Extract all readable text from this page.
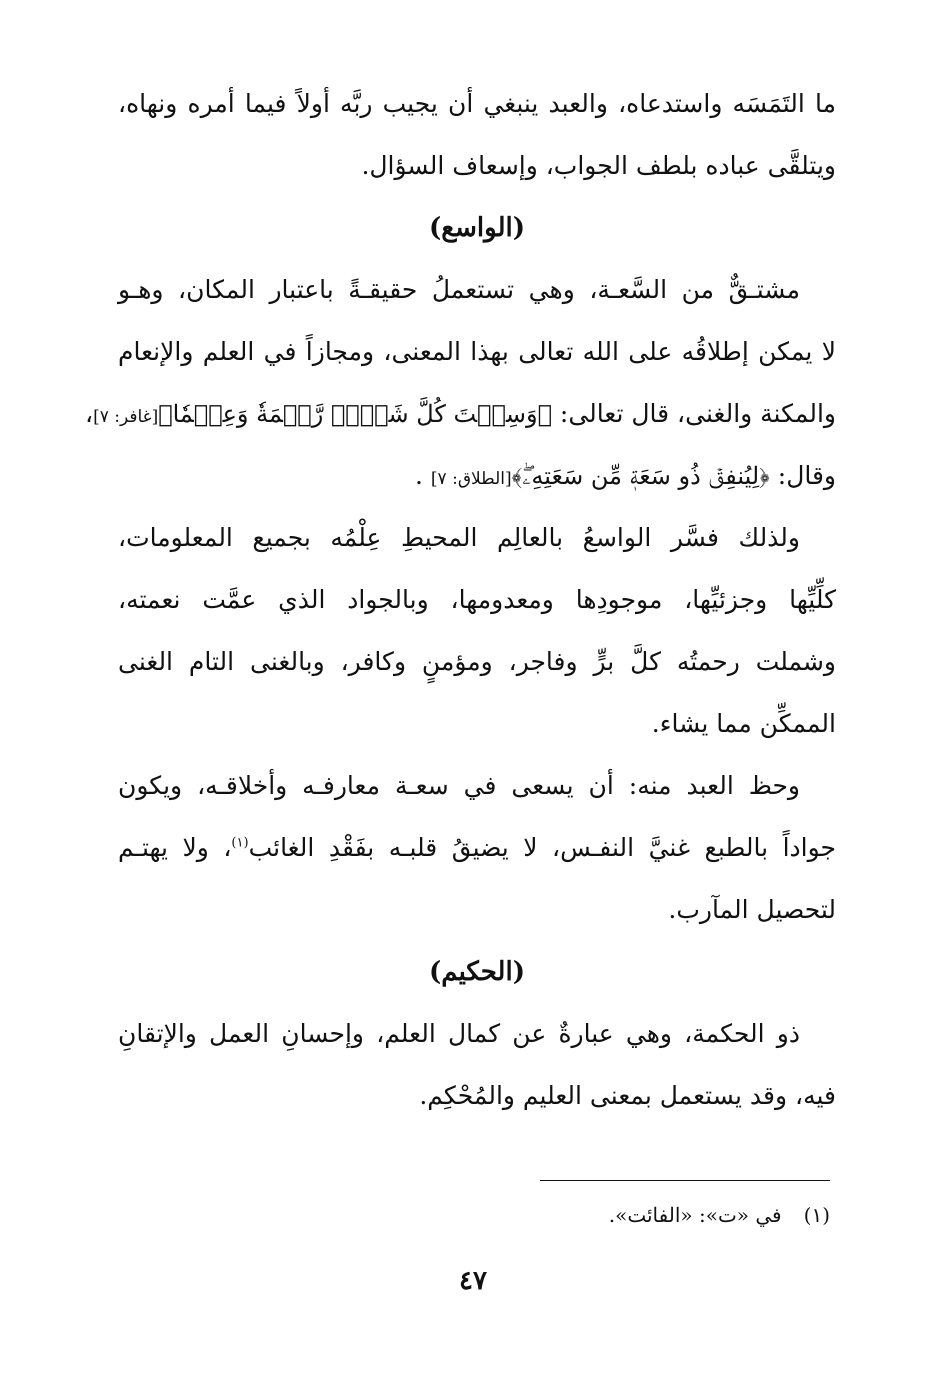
ما التَمَسَه واستدعاه، والعبد ينبغي أن يجيب ربَّه أولاً فيما أمره ونهاه،
ويتلقَّى عباده بلطف الجواب، وإسعاف السؤال.
(الواسع)
مشتـقٌّ من السَّعـة، وهي تستعملُ حقيقـةً باعتبار المكان، وهـو
لا يمكن إطلاقُه على الله تعالى بهذا المعنى، ومجازاً في العلم والإنعام
والمكنة والغنى، قال تعالى: ﴿وَسِعۡتَ كُلَّ شَيۡءٖ رَّحۡمَةٗ وَعِلۡمٗا﴾[غافر: ٧]،
وقال: ﴿لِيُنفِقۡ ذُو سَعَةٖ مِّن سَعَتِهِۦۖ﴾[الطلاق: ٧] .
ولذلك فسَّر الواسعُ بالعالِم المحيطِ عِلْمُه بجميع المعلومات،
كلِّيِّها وجزئيِّها، موجودِها ومعدومها، وبالجواد الذي عمَّت نعمته،
وشملت رحمتُه كلَّ برٍّ وفاجر، ومؤمنٍ وكافر، وبالغنى التام الغنى
الممكِّن مما يشاء.
وحظ العبد منه: أن يسعى في سعـة معارفـه وأخلاقـه، ويكون
جواداً بالطبع غنيَّ النفـس، لا يضيقُ قلبـه بفَقْدِ الغائب$^{(١)}$، ولا يهتـم
لتحصيل المآرب.
(الحكيم)
ذو الحكمة، وهي عبارةٌ عن كمال العلم، وإحسانِ العمل والإتقانِ
فيه، وقد يستعمل بمعنى العليم والمُحْكِم.
(١)في «ت»: «الفائت».
٤٧
